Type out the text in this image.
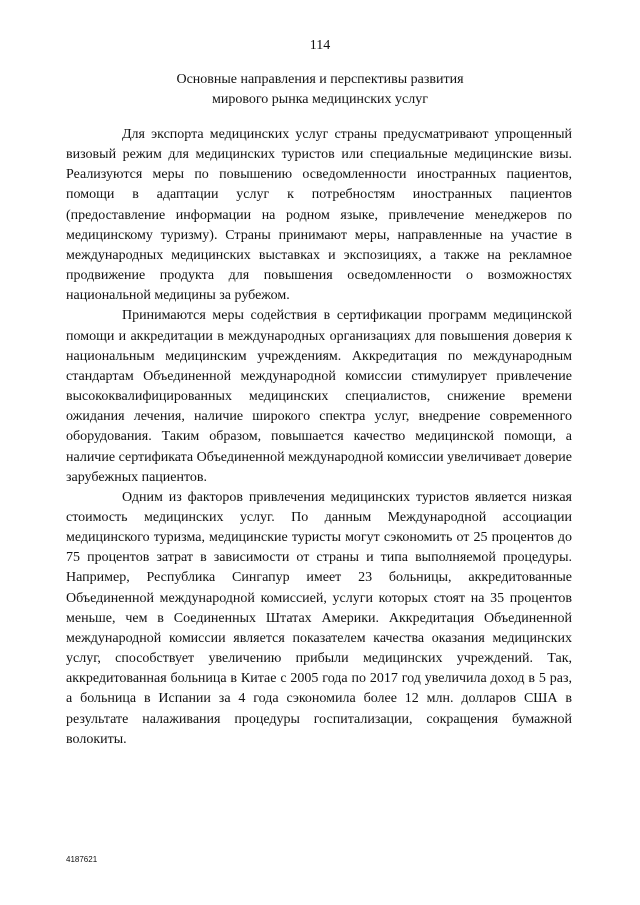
114
Основные направления и перспективы развития
мирового рынка медицинских услуг

Для экспорта медицинских услуг страны предусматривают упрощенный визовый режим для медицинских туристов или специальные медицинские визы. Реализуются меры по повышению осведомленности иностранных пациентов, помощи в адаптации услуг к потребностям иностранных пациентов (предоставление информации на родном языке, привлечение менеджеров по медицинскому туризму). Страны принимают меры, направленные на участие в международных медицинских выставках и экспозициях, а также на рекламное продвижение продукта для повышения осведомленности о возможностях национальной медицины за рубежом.

Принимаются меры содействия в сертификации программ медицинской помощи и аккредитации в международных организациях для повышения доверия к национальным медицинским учреждениям. Аккредитация по международным стандартам Объединенной международной комиссии стимулирует привлечение высококвалифицированных медицинских специалистов, снижение времени ожидания лечения, наличие широкого спектра услуг, внедрение современного оборудования. Таким образом, повышается качество медицинской помощи, а наличие сертификата Объединенной международной комиссии увеличивает доверие зарубежных пациентов.

Одним из факторов привлечения медицинских туристов является низкая стоимость медицинских услуг. По данным Международной ассоциации медицинского туризма, медицинские туристы могут сэкономить от 25 процентов до 75 процентов затрат в зависимости от страны и типа выполняемой процедуры. Например, Республика Сингапур имеет 23 больницы, аккредитованные Объединенной международной комиссией, услуги которых стоят на 35 процентов меньше, чем в Соединенных Штатах Америки. Аккредитация Объединенной международной комиссии является показателем качества оказания медицинских услуг, способствует увеличению прибыли медицинских учреждений. Так, аккредитованная больница в Китае с 2005 года по 2017 год увеличила доход в 5 раз, а больница в Испании за 4 года сэкономила более 12 млн. долларов США в результате налаживания процедуры госпитализации, сокращения бумажной волокиты.

4187621
